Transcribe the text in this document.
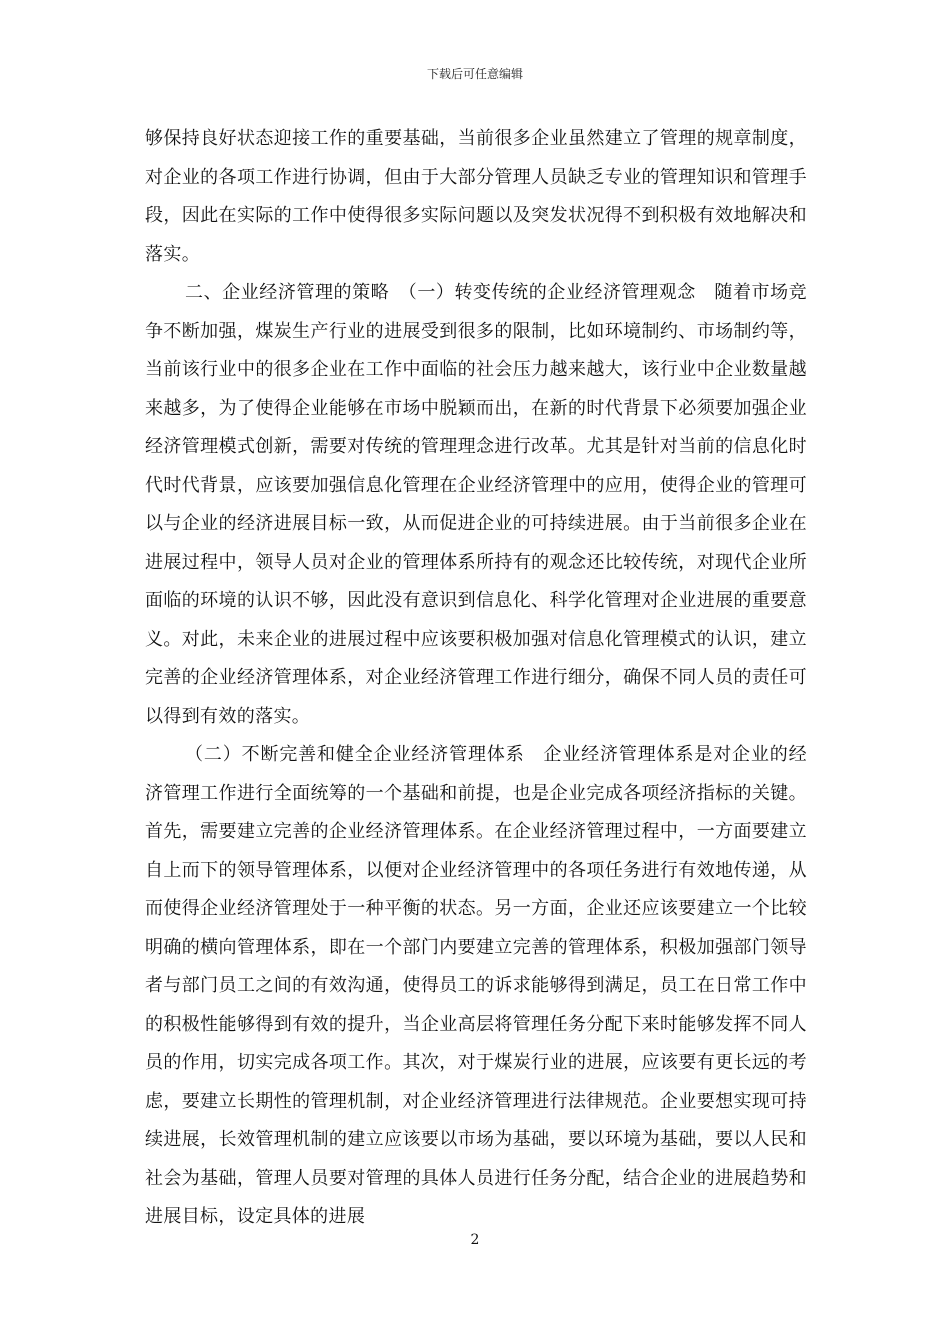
下载后可任意编辑

够保持良好状态迎接工作的重要基础，当前很多企业虽然建立了管理的规章制度，对企业的各项工作进行协调，但由于大部分管理人员缺乏专业的管理知识和管理手段，因此在实际的工作中使得很多实际问题以及突发状况得不到积极有效地解决和落实。

二、企业经济管理的策略　（一）转变传统的企业经济管理观念　随着市场竞争不断加强，煤炭生产行业的进展受到很多的限制，比如环境制约、市场制约等，当前该行业中的很多企业在工作中面临的社会压力越来越大，该行业中企业数量越来越多，为了使得企业能够在市场中脱颖而出，在新的时代背景下必须要加强企业经济管理模式创新，需要对传统的管理理念进行改革。尤其是针对当前的信息化时代时代背景，应该要加强信息化管理在企业经济管理中的应用，使得企业的管理可以与企业的经济进展目标一致，从而促进企业的可持续进展。由于当前很多企业在进展过程中，领导人员对企业的管理体系所持有的观念还比较传统，对现代企业所面临的环境的认识不够，因此没有意识到信息化、科学化管理对企业进展的重要意义。对此，未来企业的进展过程中应该要积极加强对信息化管理模式的认识，建立完善的企业经济管理体系，对企业经济管理工作进行细分，确保不同人员的责任可以得到有效的落实。

（二）不断完善和健全企业经济管理体系　企业经济管理体系是对企业的经济管理工作进行全面统筹的一个基础和前提，也是企业完成各项经济指标的关键。首先，需要建立完善的企业经济管理体系。在企业经济管理过程中，一方面要建立自上而下的领导管理体系，以便对企业经济管理中的各项任务进行有效地传递，从而使得企业经济管理处于一种平衡的状态。另一方面，企业还应该要建立一个比较明确的横向管理体系，即在一个部门内要建立完善的管理体系，积极加强部门领导者与部门员工之间的有效沟通，使得员工的诉求能够得到满足，员工在日常工作中的积极性能够得到有效的提升，当企业高层将管理任务分配下来时能够发挥不同人员的作用，切实完成各项工作。其次，对于煤炭行业的进展，应该要有更长远的考虑，要建立长期性的管理机制，对企业经济管理进行法律规范。企业要想实现可持续进展，长效管理机制的建立应该要以市场为基础，要以环境为基础，要以人民和社会为基础，管理人员要对管理的具体人员进行任务分配，结合企业的进展趋势和进展目标，设定具体的进展

2
